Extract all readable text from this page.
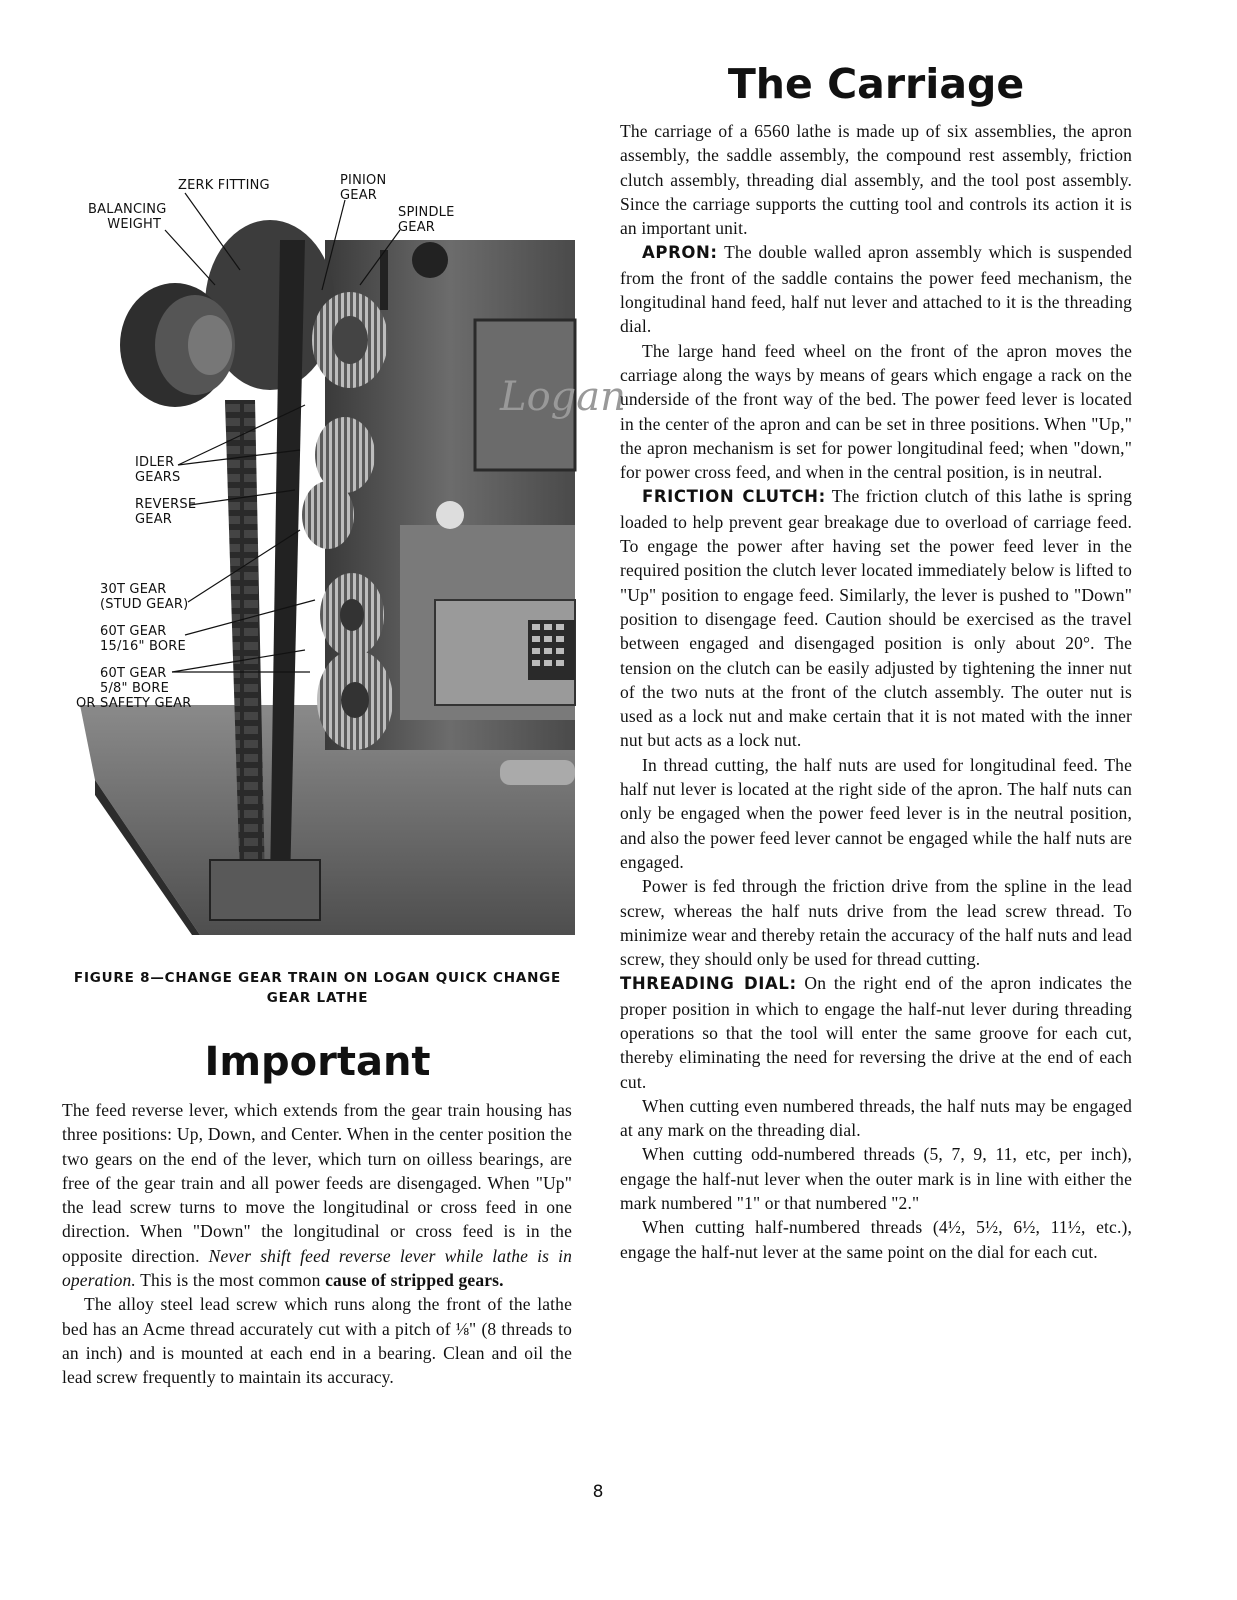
Logan
ZERK FITTING
BALANCING
WEIGHT
PINION
GEAR
SPINDLE
GEAR
IDLER
GEARS
REVERSE
GEAR
30T GEAR
(STUD GEAR)
60T GEAR
15/16" BORE
60T GEAR
5/8" BORE
OR SAFETY GEAR
FIGURE 8—CHANGE GEAR TRAIN ON LOGAN QUICK CHANGE
GEAR LATHE
Important

The feed reverse lever, which extends from the gear train housing has three positions: Up, Down, and Center. When in the center position the two gears on the end of the lever, which turn on oilless bearings, are free of the gear train and all power feeds are disengaged. When "Up" the lead screw turns to move the longitudinal or cross feed in one direction. When "Down" the longitudinal or cross feed is in the opposite direction. Never shift feed reverse lever while lathe is in operation. This is the most common cause of stripped gears.

The alloy steel lead screw which runs along the front of the lathe bed has an Acme thread accurately cut with a pitch of ⅛" (8 threads to an inch) and is mounted at each end in a bearing. Clean and oil the lead screw frequently to maintain its accuracy.

The Carriage

The carriage of a 6560 lathe is made up of six assemblies, the apron assembly, the saddle assembly, the compound rest assembly, friction clutch assembly, threading dial assembly, and the tool post assembly. Since the carriage supports the cutting tool and controls its action it is an important unit.

APRON: The double walled apron assembly which is suspended from the front of the saddle contains the power feed mechanism, the longitudinal hand feed, half nut lever and attached to it is the threading dial.

The large hand feed wheel on the front of the apron moves the carriage along the ways by means of gears which engage a rack on the underside of the front way of the bed. The power feed lever is located in the center of the apron and can be set in three positions. When "Up," the apron mechanism is set for power longitudinal feed; when "down," for power cross feed, and when in the central position, is in neutral.

FRICTION CLUTCH: The friction clutch of this lathe is spring loaded to help prevent gear breakage due to overload of carriage feed. To engage the power after having set the power feed lever in the required position the clutch lever located immediately below is lifted to "Up" position to engage feed. Similarly, the lever is pushed to "Down" position to disengage feed. Caution should be exercised as the travel between engaged and disengaged position is only about 20°. The tension on the clutch can be easily adjusted by tightening the inner nut of the two nuts at the front of the clutch assembly. The outer nut is used as a lock nut and make certain that it is not mated with the inner nut but acts as a lock nut.

In thread cutting, the half nuts are used for longitudinal feed. The half nut lever is located at the right side of the apron. The half nuts can only be engaged when the power feed lever is in the neutral position, and also the power feed lever cannot be engaged while the half nuts are engaged.

Power is fed through the friction drive from the spline in the lead screw, whereas the half nuts drive from the lead screw thread. To minimize wear and thereby retain the accuracy of the half nuts and lead screw, they should only be used for thread cutting.

THREADING DIAL: On the right end of the apron indicates the proper position in which to engage the half-nut lever during threading operations so that the tool will enter the same groove for each cut, thereby eliminating the need for reversing the drive at the end of each cut.

When cutting even numbered threads, the half nuts may be engaged at any mark on the threading dial.

When cutting odd-numbered threads (5, 7, 9, 11, etc, per inch), engage the half-nut lever when the outer mark is in line with either the mark numbered "1" or that numbered "2."

When cutting half-numbered threads (4½, 5½, 6½, 11½, etc.), engage the half-nut lever at the same point on the dial for each cut.

8
